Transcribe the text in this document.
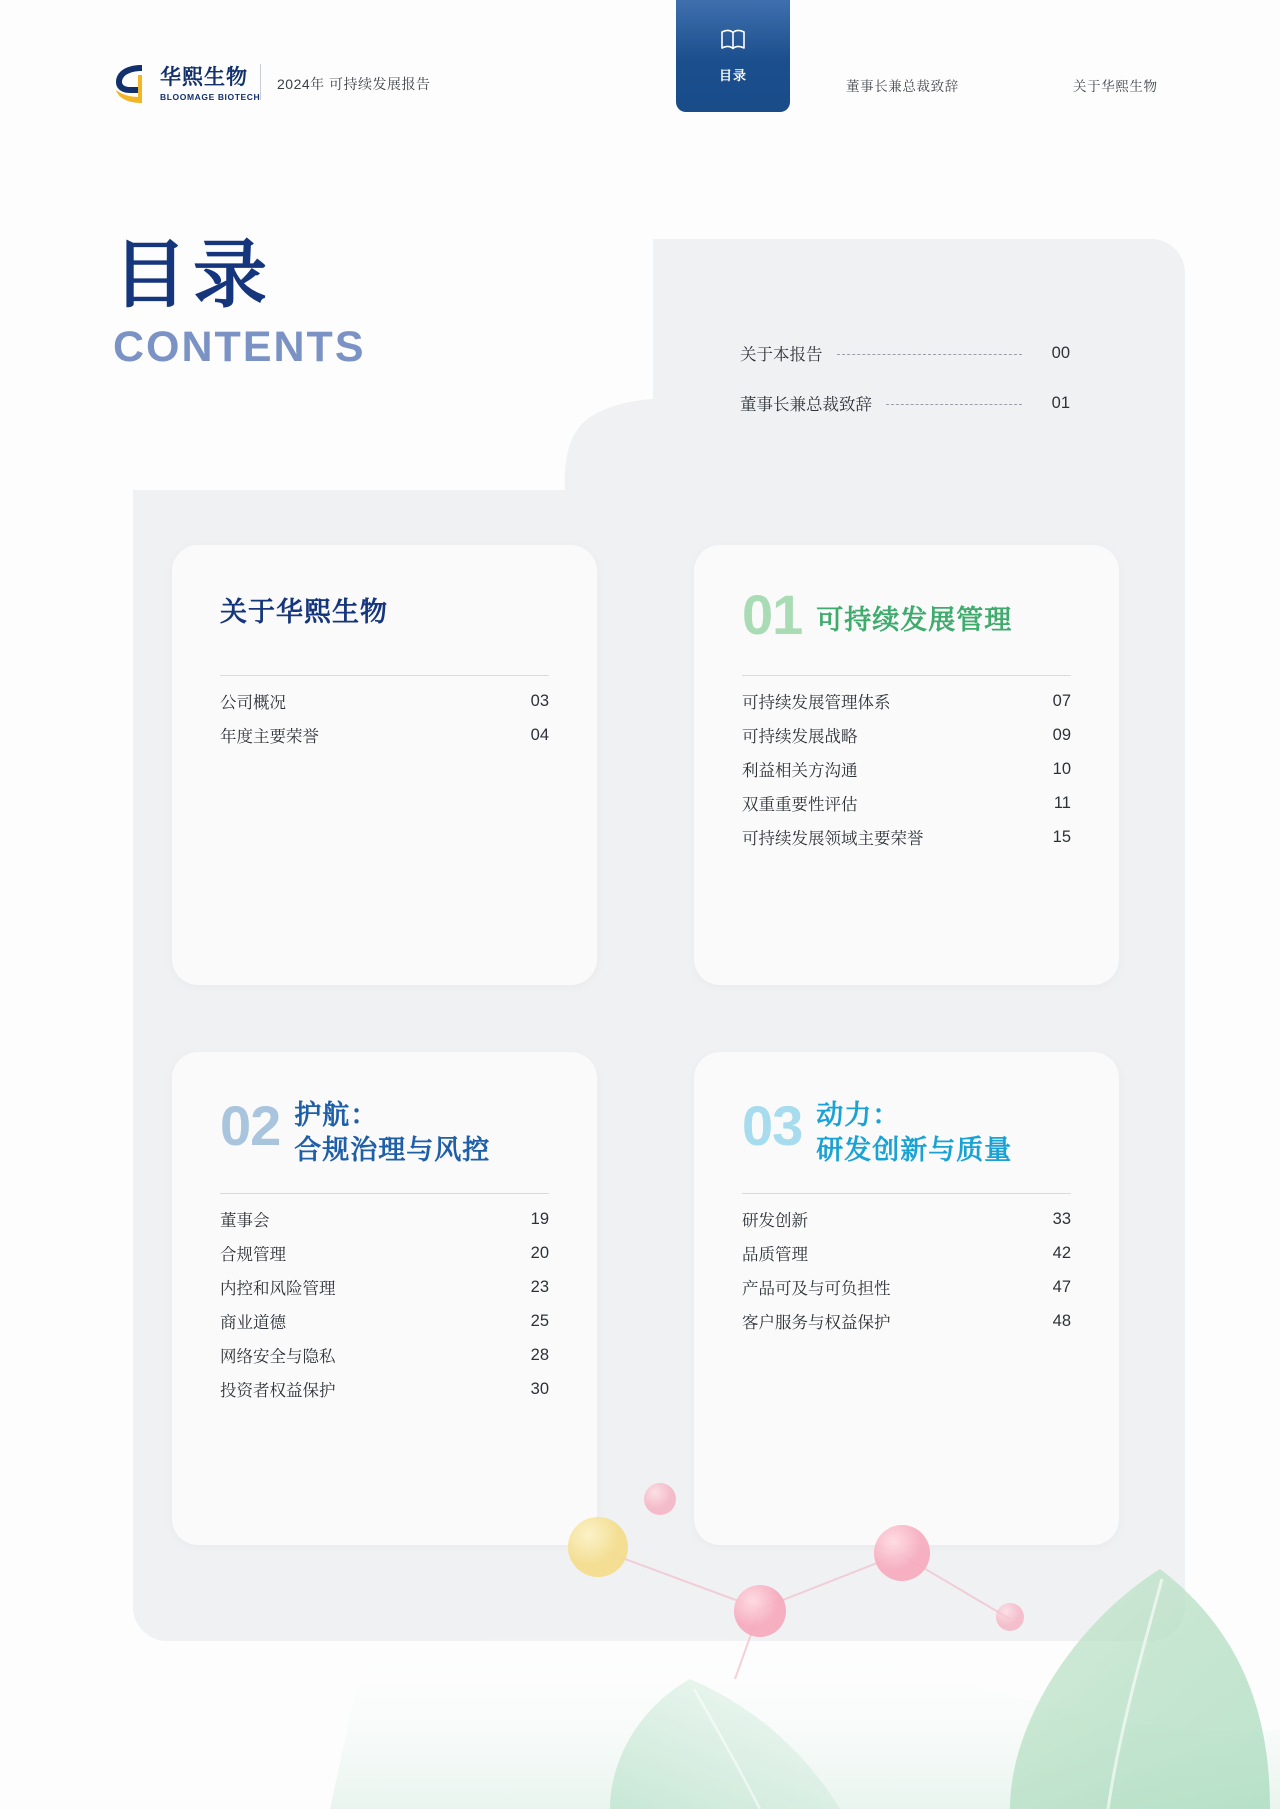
华熙生物
BLOOMAGE BIOTECH
2024年 可持续发展报告
目录
董事长兼总裁致辞	关于华熙生物
目录
CONTENTS	关于本报告	00
董事长兼总裁致辞	01
关于华熙生物
公司概况	03
年度主要荣誉	04
01 可持续发展管理
可持续发展管理体系	07
可持续发展战略	09
利益相关方沟通	10
双重重要性评估	11
可持续发展领域主要荣誉	15
02 护航：
合规治理与风控
董事会	19
合规管理	20
内控和风险管理	23
商业道德	25
网络安全与隐私	28
投资者权益保护	30
03 动力：
研发创新与质量
研发创新	33
品质管理	42
产品可及与可负担性	47
客户服务与权益保护	48
